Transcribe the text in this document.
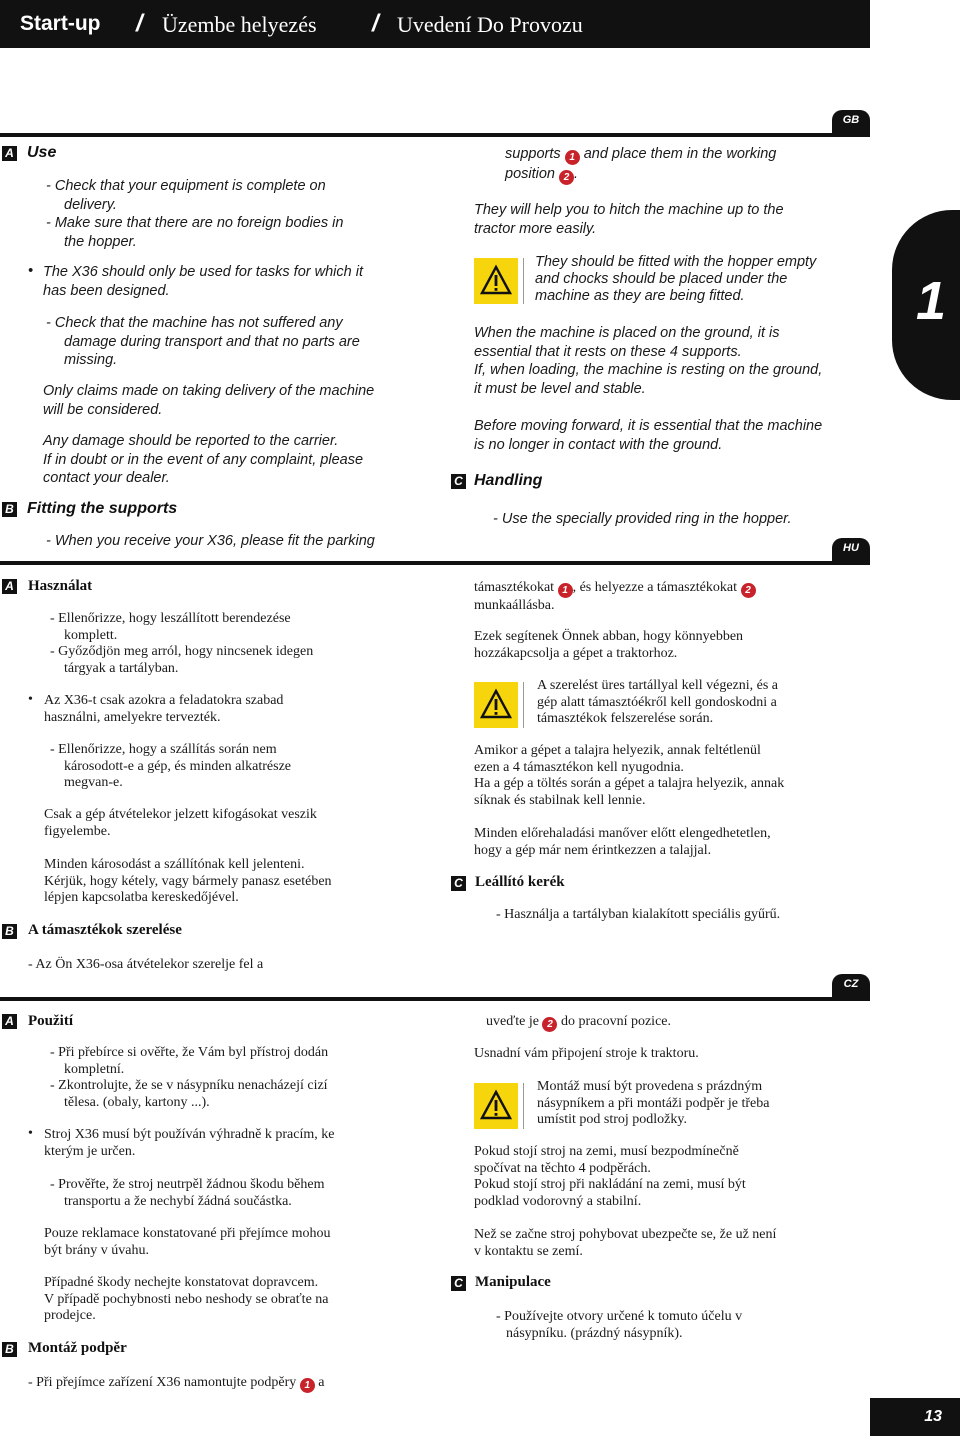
Start-up / Üzembe helyezés / Uvedení Do Provozu
1
GB
A Use
- Check that your equipment is complete on
delivery.
- Make sure that there are no foreign bodies in
the hopper.
• The X36 should only be used for tasks for which it
has been designed.
- Check that the machine has not suffered any
damage during transport and that no parts are
missing.
Only claims made on taking delivery of the machine
will be considered.
Any damage should be reported to the carrier.
If in doubt or in the event of any complaint, please
contact your dealer.
B Fitting the supports
- When you receive your X36, please fit the parking
supports 1 and place them in the working
position 2 .
They will help you to hitch the machine up to the
tractor more easily.
They should be fitted with the hopper empty
and chocks should be placed under the
machine as they are being fitted.
When the machine is placed on the ground, it is
essential that it rests on these 4 supports.
If, when loading, the machine is resting on the ground,
it must be level and stable.
Before moving forward, it is essential that the machine
is no longer in contact with the ground.
C Handling
- Use the specially provided ring in the hopper.
HU
A Használat
- Ellenőrizze, hogy leszállított berendezése
komplett.
- Győződjön meg arról, hogy nincsenek idegen
tárgyak a tartályban.
• Az X36-t csak azokra a feladatokra szabad
használni, amelyekre tervezték.
- Ellenőrizze, hogy a szállítás során nem
károsodott-e a gép, és minden alkatrésze
megvan-e.
Csak a gép átvételekor jelzett kifogásokat veszik
figyelembe.
Minden károsodást a szállítónak kell jelenteni.
Kérjük, hogy kétely, vagy bármely panasz esetében
lépjen kapcsolatba kereskedőjével.
B A támasztékok szerelése
- Az Ön X36-osa átvételekor szerelje fel a
támasztékokat 1 , és helyezze a támasztékokat 2
munkaállásba.
Ezek segítenek Önnek abban, hogy könnyebben
hozzákapcsolja a gépet a traktorhoz.
A szerelést üres tartállyal kell végezni, és a
gép alatt támasztóékről kell gondoskodni a
támasztékok felszerelése során.
Amikor a gépet a talajra helyezik, annak feltétlenül
ezen a 4 támasztékon kell nyugodnia.
Ha a gép a töltés során a gépet a talajra helyezik, annak
síknak és stabilnak kell lennie.
Minden előrehaladási manőver előtt elengedhetetlen,
hogy a gép már nem érintkezzen a talajjal.
C Leállító kerék
- Használja a tartályban kialakított speciális gyűrű.
CZ
A Použití
- Při přebírce si ověřte, že Vám byl přístroj dodán
kompletní.
- Zkontrolujte, že se v násypníku nenacházejí cizí
tělesa. (obaly, kartony ...).
• Stroj X36 musí být používán výhradně k pracím, ke
kterým je určen.
- Prověřte, že stroj neutrpěl žádnou škodu během
transportu a že nechybí žádná součástka.
Pouze reklamace konstatované při přejímce mohou
být brány v úvahu.
Případné škody nechejte konstatovat dopravcem.
V případě pochybnosti nebo neshody se obraťte na
prodejce.
B Montáž podpěr
- Při přejímce zařízení X36 namontujte podpěry 1 a
uveďte je 2 do pracovní pozice.
Usnadní vám připojení stroje k traktoru.
Montáž musí být provedena s prázdným
násypníkem a při montáži podpěr je třeba
umístit pod stroj podložky.
Pokud stojí stroj na zemi, musí bezpodmínečně
spočívat na těchto 4 podpěrách.
Pokud stojí stroj při nakládání na zemi, musí být
podklad vodorovný a stabilní.
Než se začne stroj pohybovat ubezpečte se, že už není
v kontaktu se zemí.
C Manipulace
- Používejte otvory určené k tomuto účelu v
násypníku. (prázdný násypník).
13
